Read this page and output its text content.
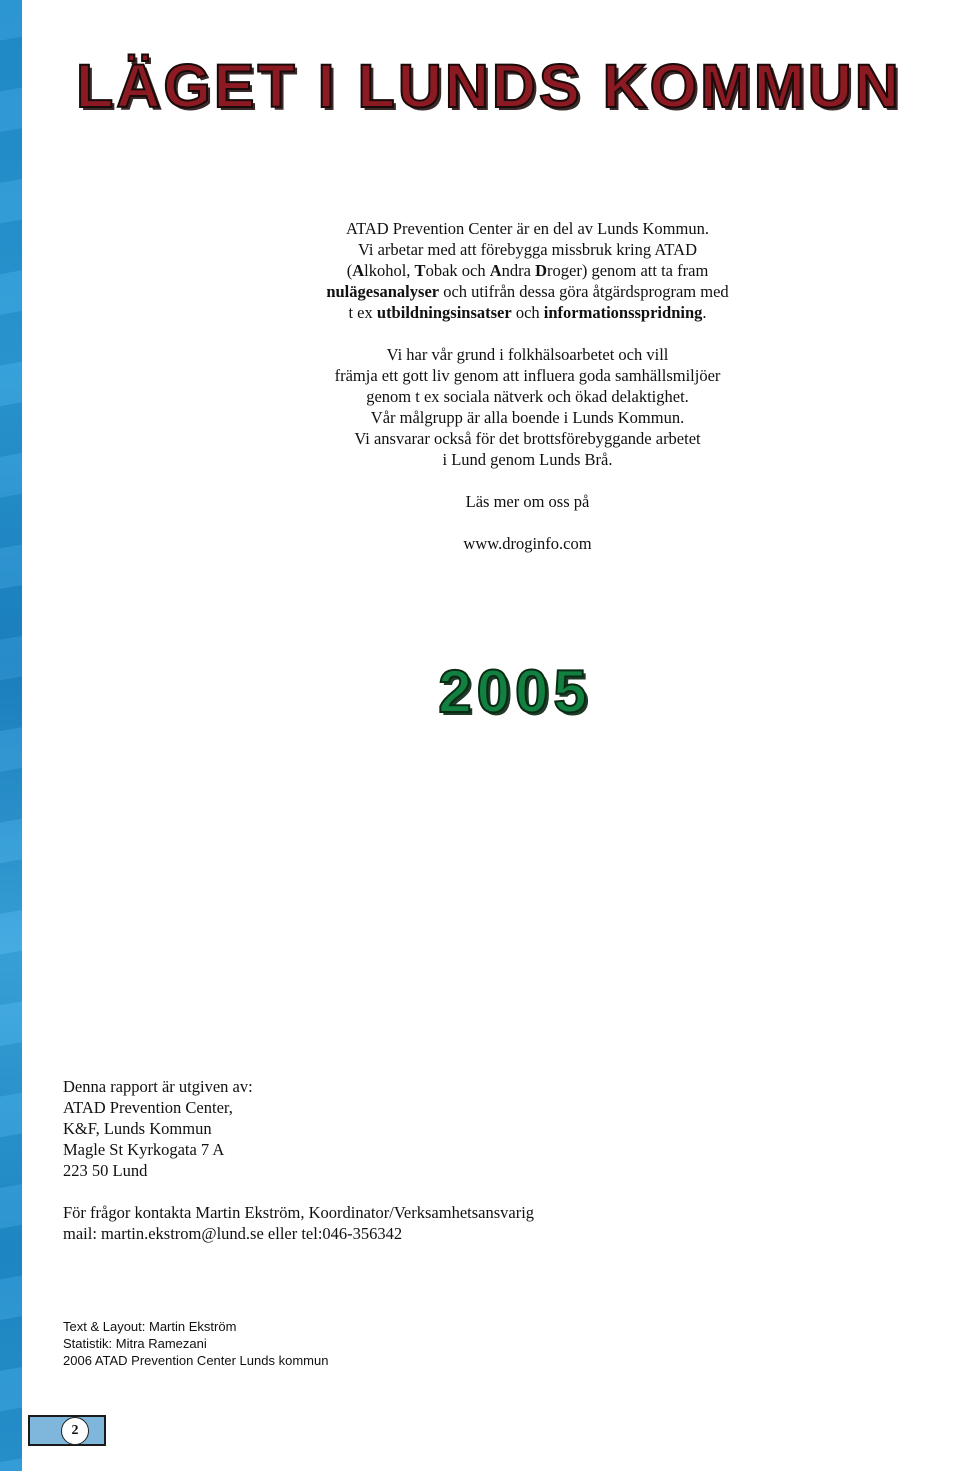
LÄGET I LUNDS KOMMUN

ATAD Prevention Center är en del av Lunds Kommun.

Vi arbetar med att förebygga missbruk kring ATAD

(Alkohol, Tobak och Andra Droger) genom att ta fram

nulägesanalyser och utifrån dessa göra åtgärdsprogram med

t ex utbildningsinsatser och informationsspridning.

Vi har vår grund i folkhälsoarbetet och vill

främja ett gott liv genom att influera goda samhällsmiljöer

genom t ex sociala nätverk och ökad delaktighet.

Vår målgrupp är alla boende i Lunds Kommun.

Vi ansvarar också för det brottsförebyggande arbetet

i Lund genom Lunds Brå.

Läs mer om oss på

www.droginfo.com

2005
Denna rapport är utgiven av:
ATAD Prevention Center,
K&F, Lunds Kommun
Magle St Kyrkogata 7 A
223 50 Lund
För frågor kontakta Martin Ekström, Koordinator/Verksamhetsansvarig
mail: martin.ekstrom@lund.se eller tel:046-356342
Text & Layout: Martin Ekström
Statistik: Mitra Ramezani
2006 ATAD Prevention Center Lunds kommun
2
